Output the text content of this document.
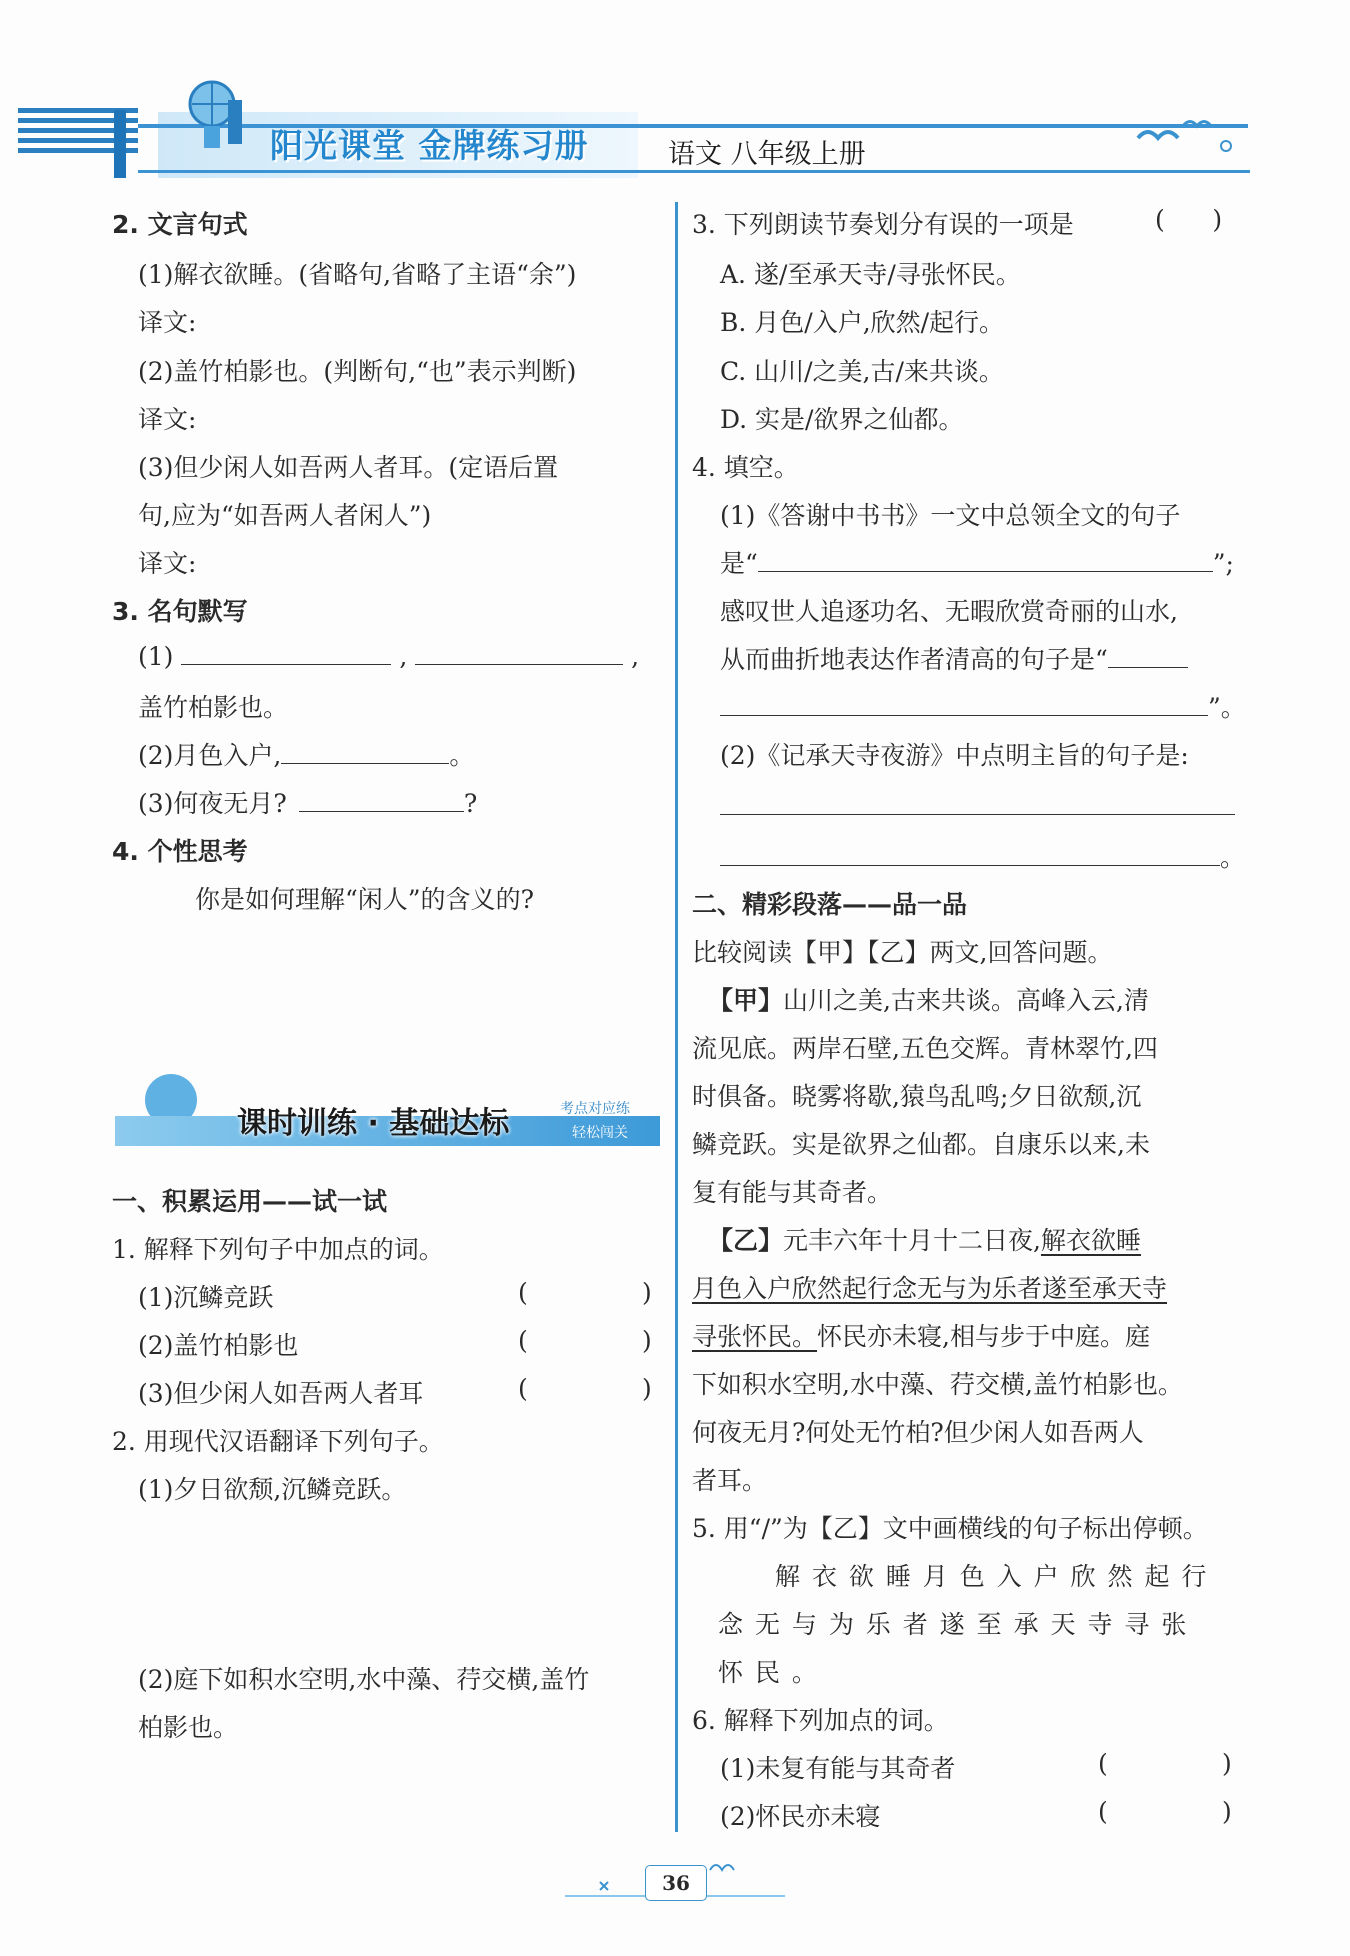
阳光课堂 金牌练习册	语文 八年级上册
2. 文言句式
(1)解衣欲睡。(省略句,省略了主语“余”)
译文:
(2)盖竹柏影也。(判断句,“也”表示判断)
译文:
(3)但少闲人如吾两人者耳。(定语后置
句,应为“如吾两人者闲人”)
译文:
3. 名句默写
(1)	,	,
盖竹柏影也。
(2)月色入户,	。
(3)何夜无月?	?
4. 个性思考
你是如何理解“闲人”的含义的?
课时训练 · 基础达标	考点对应练
轻松闯关
一、积累运用——试一试
1. 解释下列句子中加点的词。
(1)沉鳞竞跃	(	)
(2)盖竹柏影也	(	)
(3)但少闲人如吾两人者耳	(	)
2. 用现代汉语翻译下列句子。
(1)夕日欲颓,沉鳞竞跃。
(2)庭下如积水空明,水中藻、荇交横,盖竹
柏影也。
3. 下列朗读节奏划分有误的一项是	(      )
A. 遂/至承天寺/寻张怀民。
B. 月色/入户,欣然/起行。
C. 山川/之美,古/来共谈。
D. 实是/欲界之仙都。
4. 填空。
(1)《答谢中书书》一文中总领全文的句子
是“	”;
感叹世人追逐功名、无暇欣赏奇丽的山水,
从而曲折地表达作者清高的句子是“
”。
(2)《记承天寺夜游》中点明主旨的句子是:
。
二、精彩段落——品一品
比较阅读【甲】【乙】两文,回答问题。
【甲】山川之美,古来共谈。高峰入云,清
流见底。两岸石壁,五色交辉。青林翠竹,四
时俱备。晓雾将歇,猿鸟乱鸣;夕日欲颓,沉
鳞竞跃。实是欲界之仙都。自康乐以来,未
复有能与其奇者。
【乙】元丰六年十月十二日夜,解衣欲睡
月色入户欣然起行念无与为乐者遂至承天寺
寻张怀民。怀民亦未寝,相与步于中庭。庭
下如积水空明,水中藻、荇交横,盖竹柏影也。
何夜无月?何处无竹柏?但少闲人如吾两人
者耳。
5. 用“/”为【乙】文中画横线的句子标出停顿。
解 衣 欲 睡 月 色 入 户 欣 然 起 行
念 无 与 为 乐 者 遂 至 承 天 寺 寻 张
怀 民 。
6. 解释下列加点的词。
(1)未复有能与其奇者	(	)
(2)怀民亦未寝	(	)
36
